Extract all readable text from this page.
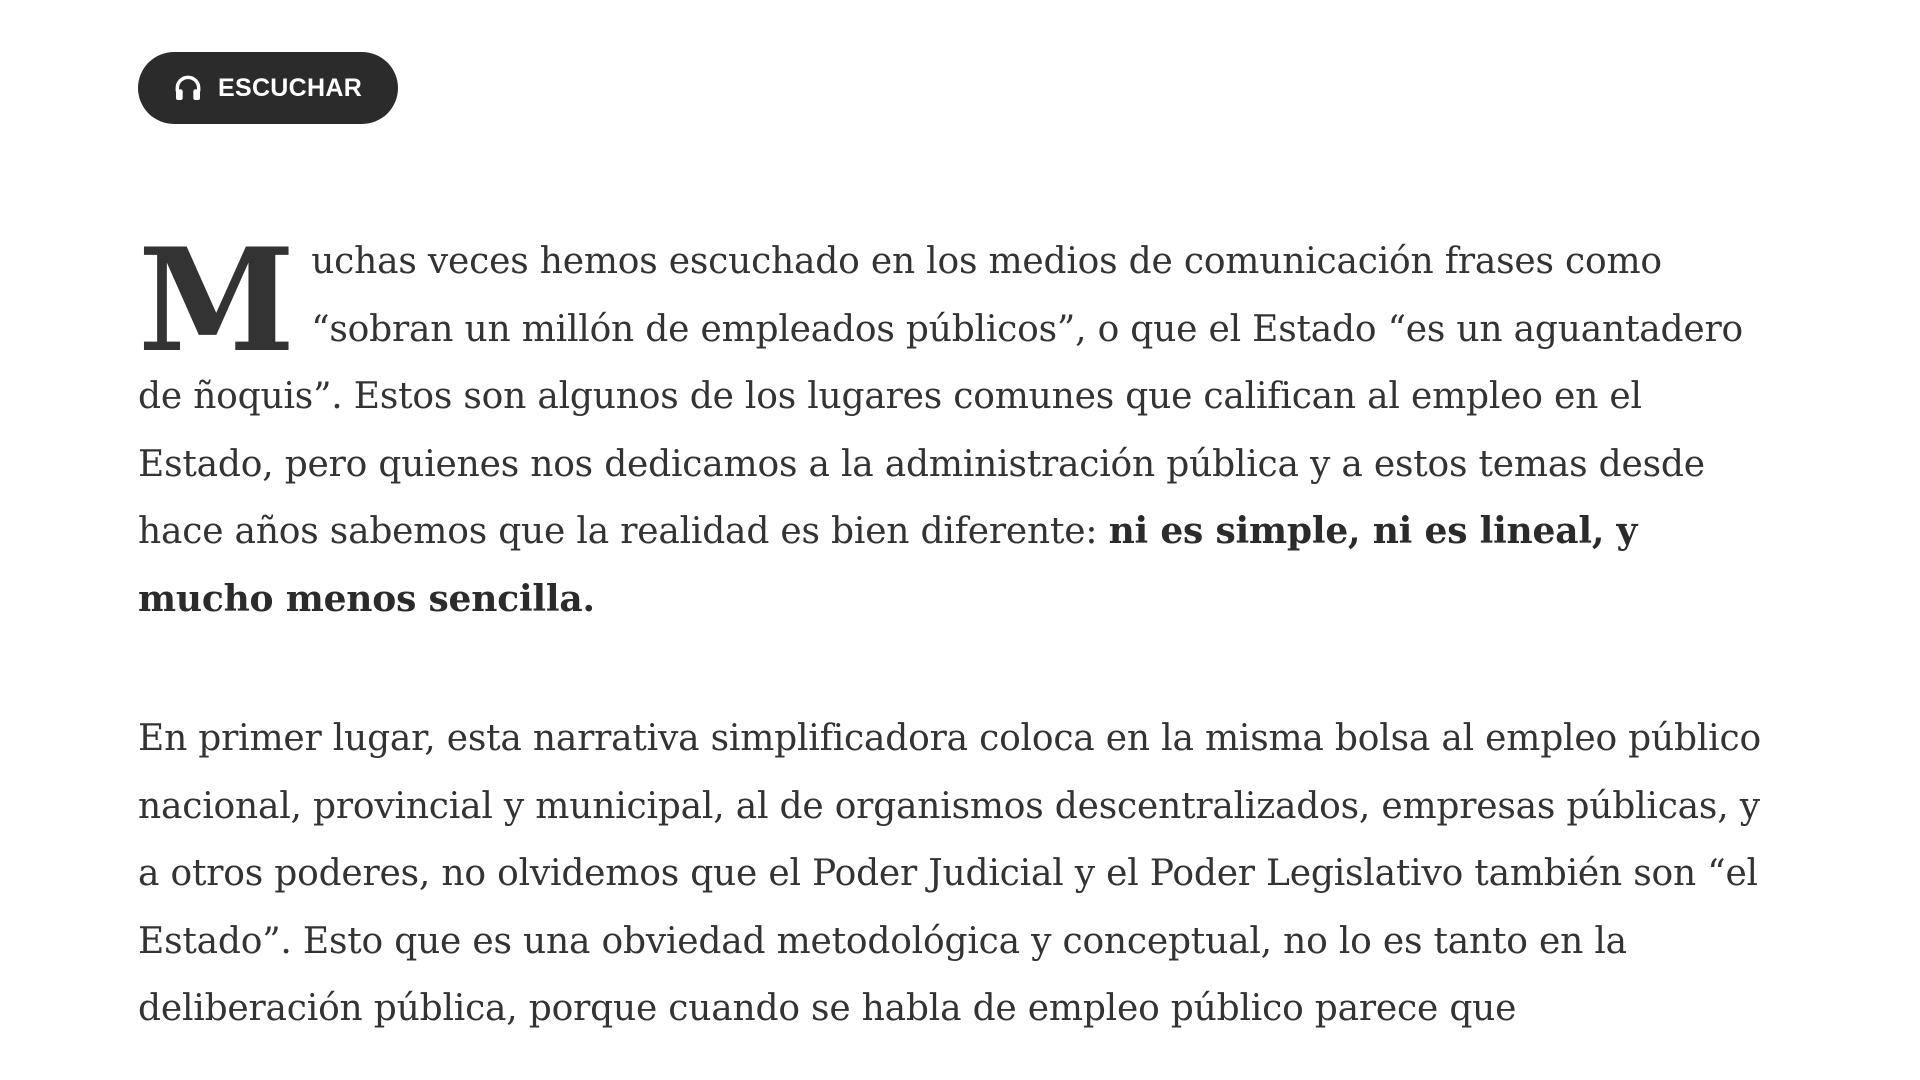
ESCUCHAR

Muchas veces hemos escuchado en los medios de comunicación frases como “sobran un millón de empleados públicos”, o que el Estado “es un aguantadero de ñoquis”. Estos son algunos de los lugares comunes que califican al empleo en el Estado, pero quienes nos dedicamos a la administración pública y a estos temas desde hace años sabemos que la realidad es bien diferente: ni es simple, ni es lineal, y mucho menos sencilla.

En primer lugar, esta narrativa simplificadora coloca en la misma bolsa al empleo público nacional, provincial y municipal, al de organismos descentralizados, empresas públicas, y a otros poderes, no olvidemos que el Poder Judicial y el Poder Legislativo también son “el Estado”. Esto que es una obviedad metodológica y conceptual, no lo es tanto en la deliberación pública, porque cuando se habla de empleo público parece que
